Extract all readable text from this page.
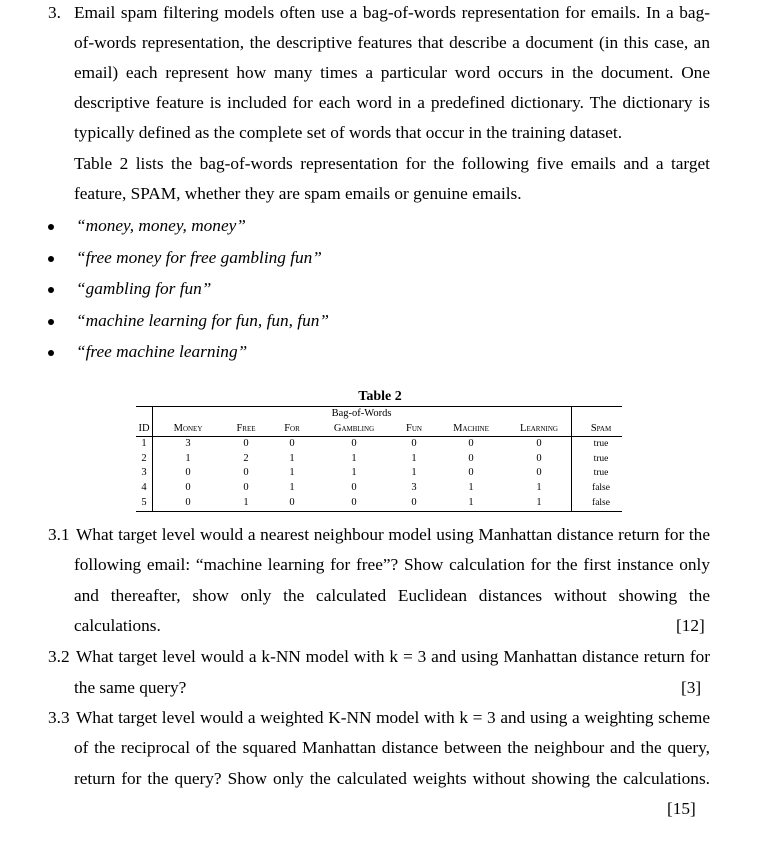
3. Email spam filtering models often use a bag-of-words representation for emails. In a bag-
of-words representation, the descriptive features that describe a document (in this case, an
email) each represent how many times a particular word occurs in the document. One
descriptive feature is included for each word in a predefined dictionary. The dictionary is
typically defined as the complete set of words that occur in the training dataset.
Table 2 lists the bag-of-words representation for the following five emails and a target
feature, SPAM, whether they are spam emails or genuine emails.
“money, money, money”
“free money for free gambling fun”
“gambling for fun”
“machine learning for fun, fun, fun”
“free machine learning”
Table 2
Bag-of-Words
ID	Money	Free	For	Gambling	Fun	Machine	Learning	Spam
1	3	0	0	0	0	0	0	true
2	1	2	1	1	1	0	0	true
3	0	0	1	1	1	0	0	true
4	0	0	1	0	3	1	1	false
5	0	1	0	0	0	1	1	false
3.1 What target level would a nearest neighbour model using Manhattan distance return for the
following email: “machine learning for free”? Show calculation for the first instance only
and thereafter, show only the calculated Euclidean distances without showing the
calculations.	[12]
3.2 What target level would a k-NN model with k = 3 and using Manhattan distance return for
the same query?	[3]
3.3 What target level would a weighted K-NN model with k = 3 and using a weighting scheme
of the reciprocal of the squared Manhattan distance between the neighbour and the query,
return for the query? Show only the calculated weights without showing the calculations.
[15]
